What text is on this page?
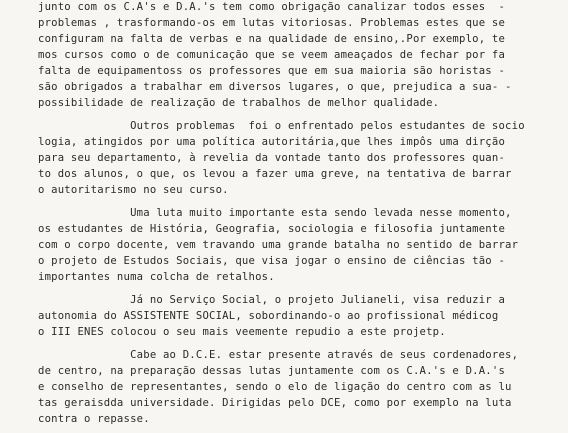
junto com os C.A's e D.A.'s tem como obrigação canalizar todos esses  -
problemas , trasformando-os em lutas vitoriosas. Problemas estes que se
configuram na falta de verbas e na qualidade de ensino,.Por exemplo, te
mos cursos como o de comunicação que se veem ameaçados de fechar por fa
falta de equipamentoss os professores que em sua maioria são horistas -
são obrigados a trabalhar em diversos lugares, o que, prejudica a sua- -
possibilidade de realização de trabalhos de melhor qualidade.
Outros problemas  foi o enfrentado pelos estudantes de socio
logia, atingidos por uma política autoritária,que lhes impôs uma dirção
para seu departamento, à revelia da vontade tanto dos professores quan-
to dos alunos, o que, os levou a fazer uma greve, na tentativa de barrar
o autoritarismo no seu curso.
Uma luta muito importante esta sendo levada nesse momento,
os estudantes de História, Geografia, sociologia e filosofia juntamente
com o corpo docente, vem travando uma grande batalha no sentido de barrar
o projeto de Estudos Sociais, que visa jogar o ensino de ciências tão -
importantes numa colcha de retalhos.
Já no Serviço Social, o projeto Julianeli, visa reduzir a
autonomia do ASSISTENTE SOCIAL, sobordinando-o ao profissional médicog
o III ENES colocou o seu mais veemente repudio a este projetp.
Cabe ao D.C.E. estar presente através de seus cordenadores,
de centro, na preparação dessas lutas juntamente com os C.A.'s e D.A.'s
e conselho de representantes, sendo o elo de ligação do centro com as lu
tas geraisdda universidade. Dirigidas pelo DCE, como por exemplo na luta
contra o repasse.
